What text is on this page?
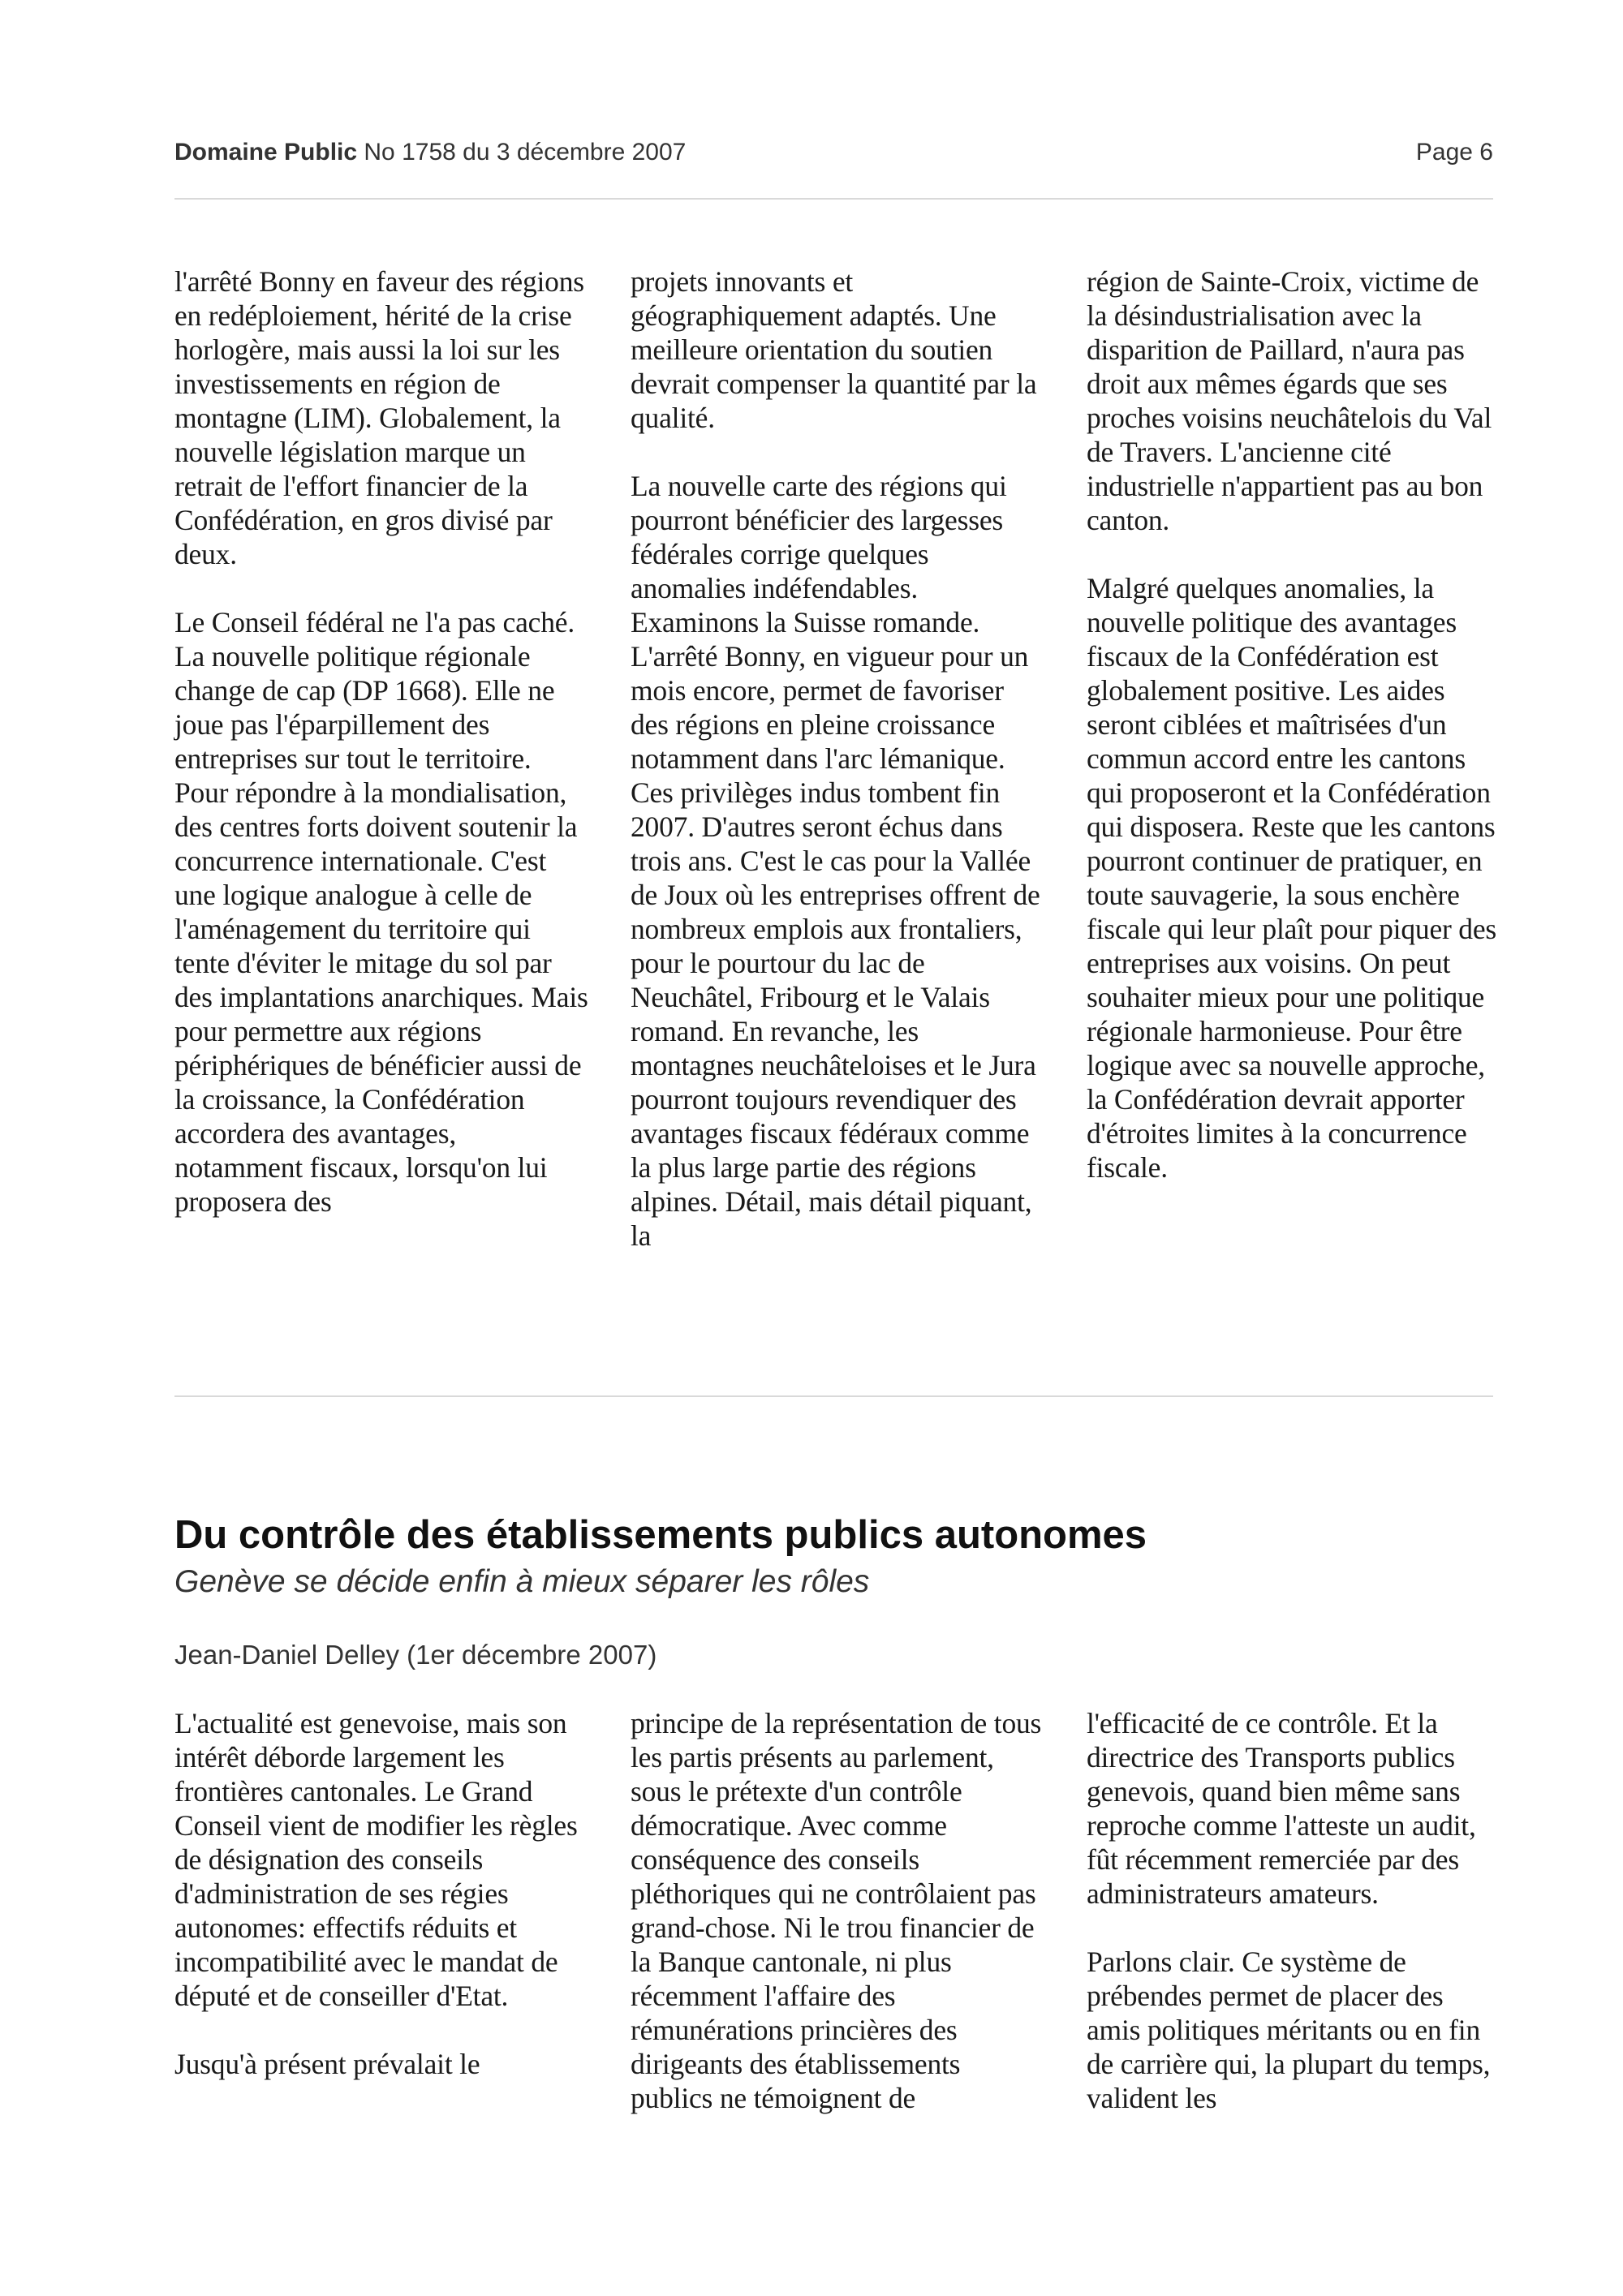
Domaine Public No 1758 du 3 décembre 2007	Page 6

l'arrêté Bonny en faveur des régions en redéploiement, hérité de la crise horlogère, mais aussi la loi sur les investissements en région de montagne (LIM). Globalement, la nouvelle législation marque un retrait de l'effort financier de la Confédération, en gros divisé par deux.

Le Conseil fédéral ne l'a pas caché. La nouvelle politique régionale change de cap (DP 1668). Elle ne joue pas l'éparpillement des entreprises sur tout le territoire. Pour répondre à la mondialisation, des centres forts doivent soutenir la concurrence internationale. C'est une logique analogue à celle de l'aménagement du territoire qui tente d'éviter le mitage du sol par des implantations anarchiques. Mais pour permettre aux régions périphériques de bénéficier aussi de la croissance, la Confédération accordera des avantages, notamment fiscaux, lorsqu'on lui proposera des

projets innovants et géographiquement adaptés. Une meilleure orientation du soutien devrait compenser la quantité par la qualité.

La nouvelle carte des régions qui pourront bénéficier des largesses fédérales corrige quelques anomalies indéfendables. Examinons la Suisse romande. L'arrêté Bonny, en vigueur pour un mois encore, permet de favoriser des régions en pleine croissance notamment dans l'arc lémanique. Ces privilèges indus tombent fin 2007. D'autres seront échus dans trois ans. C'est le cas pour la Vallée de Joux où les entreprises offrent de nombreux emplois aux frontaliers, pour le pourtour du lac de Neuchâtel, Fribourg et le Valais romand. En revanche, les montagnes neuchâteloises et le Jura pourront toujours revendiquer des avantages fiscaux fédéraux comme la plus large partie des régions alpines. Détail, mais détail piquant, la

région de Sainte-Croix, victime de la désindustrialisation avec la disparition de Paillard, n'aura pas droit aux mêmes égards que ses proches voisins neuchâtelois du Val de Travers. L'ancienne cité industrielle n'appartient pas au bon canton.

Malgré quelques anomalies, la nouvelle politique des avantages fiscaux de la Confédération est globalement positive. Les aides seront ciblées et maîtrisées d'un commun accord entre les cantons qui proposeront et la Confédération qui disposera. Reste que les cantons pourront continuer de pratiquer, en toute sauvagerie, la sous enchère fiscale qui leur plaît pour piquer des entreprises aux voisins. On peut souhaiter mieux pour une politique régionale harmonieuse. Pour être logique avec sa nouvelle approche, la Confédération devrait apporter d'étroites limites à la concurrence fiscale.

Du contrôle des établissements publics autonomes
Genève se décide enfin à mieux séparer les rôles
Jean-Daniel Delley (1er décembre 2007)

L'actualité est genevoise, mais son intérêt déborde largement les frontières cantonales. Le Grand Conseil vient de modifier les règles de désignation des conseils d'administration de ses régies autonomes: effectifs réduits et incompatibilité avec le mandat de député et de conseiller d'Etat.

Jusqu'à présent prévalait le

principe de la représentation de tous les partis présents au parlement, sous le prétexte d'un contrôle démocratique. Avec comme conséquence des conseils pléthoriques qui ne contrôlaient pas grand-chose. Ni le trou financier de la Banque cantonale, ni plus récemment l'affaire des rémunérations princières des dirigeants des établissements publics ne témoignent de

l'efficacité de ce contrôle. Et la directrice des Transports publics genevois, quand bien même sans reproche comme l'atteste un audit, fût récemment remerciée par des administrateurs amateurs.

Parlons clair. Ce système de prébendes permet de placer des amis politiques méritants ou en fin de carrière qui, la plupart du temps, valident les
